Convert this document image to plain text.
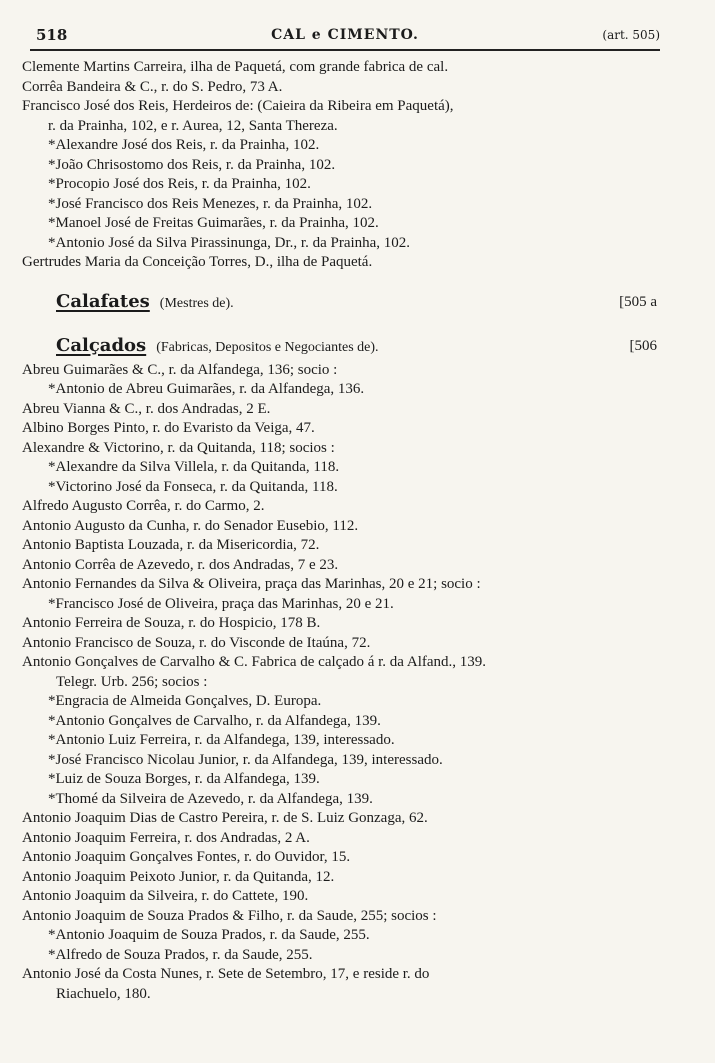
518	CAL e CIMENTO.	(art. 505)
Clemente Martins Carreira, ilha de Paquetá, com grande fabrica de cal.
Corrêa Bandeira & C., r. do S. Pedro, 73 A.
Francisco José dos Reis, Herdeiros de: (Caieira da Ribeira em Paquetá),
r. da Prainha, 102, e r. Aurea, 12, Santa Thereza.
*Alexandre José dos Reis, r. da Prainha, 102.
*João Chrisostomo dos Reis, r. da Prainha, 102.
*Procopio José dos Reis, r. da Prainha, 102.
*José Francisco dos Reis Menezes, r. da Prainha, 102.
*Manoel José de Freitas Guimarães, r. da Prainha, 102.
*Antonio José da Silva Pirassinunga, Dr., r. da Prainha, 102.
Gertrudes Maria da Conceição Torres, D., ilha de Paquetá.
Calafates (Mestres de).	[505 a
Calçados (Fabricas, Depositos e Negociantes de).	[506
Abreu Guimarães & C., r. da Alfandega, 136; socio :
*Antonio de Abreu Guimarães, r. da Alfandega, 136.
Abreu Vianna & C., r. dos Andradas, 2 E.
Albino Borges Pinto, r. do Evaristo da Veiga, 47.
Alexandre & Victorino, r. da Quitanda, 118; socios :
*Alexandre da Silva Villela, r. da Quitanda, 118.
*Victorino José da Fonseca, r. da Quitanda, 118.
Alfredo Augusto Corrêa, r. do Carmo, 2.
Antonio Augusto da Cunha, r. do Senador Eusebio, 112.
Antonio Baptista Louzada, r. da Misericordia, 72.
Antonio Corrêa de Azevedo, r. dos Andradas, 7 e 23.
Antonio Fernandes da Silva & Oliveira, praça das Marinhas, 20 e 21; socio :
*Francisco José de Oliveira, praça das Marinhas, 20 e 21.
Antonio Ferreira de Souza, r. do Hospicio, 178 B.
Antonio Francisco de Souza, r. do Visconde de Itaúna, 72.
Antonio Gonçalves de Carvalho & C. Fabrica de calçado á r. da Alfand., 139.
Telegr. Urb. 256; socios :
*Engracia de Almeida Gonçalves, D. Europa.
*Antonio Gonçalves de Carvalho, r. da Alfandega, 139.
*Antonio Luiz Ferreira, r. da Alfandega, 139, interessado.
*José Francisco Nicolau Junior, r. da Alfandega, 139, interessado.
*Luiz de Souza Borges, r. da Alfandega, 139.
*Thomé da Silveira de Azevedo, r. da Alfandega, 139.
Antonio Joaquim Dias de Castro Pereira, r. de S. Luiz Gonzaga, 62.
Antonio Joaquim Ferreira, r. dos Andradas, 2 A.
Antonio Joaquim Gonçalves Fontes, r. do Ouvidor, 15.
Antonio Joaquim Peixoto Junior, r. da Quitanda, 12.
Antonio Joaquim da Silveira, r. do Cattete, 190.
Antonio Joaquim de Souza Prados & Filho, r. da Saude, 255; socios :
*Antonio Joaquim de Souza Prados, r. da Saude, 255.
*Alfredo de Souza Prados, r. da Saude, 255.
Antonio José da Costa Nunes, r. Sete de Setembro, 17, e reside r. do
Riachuelo, 180.
